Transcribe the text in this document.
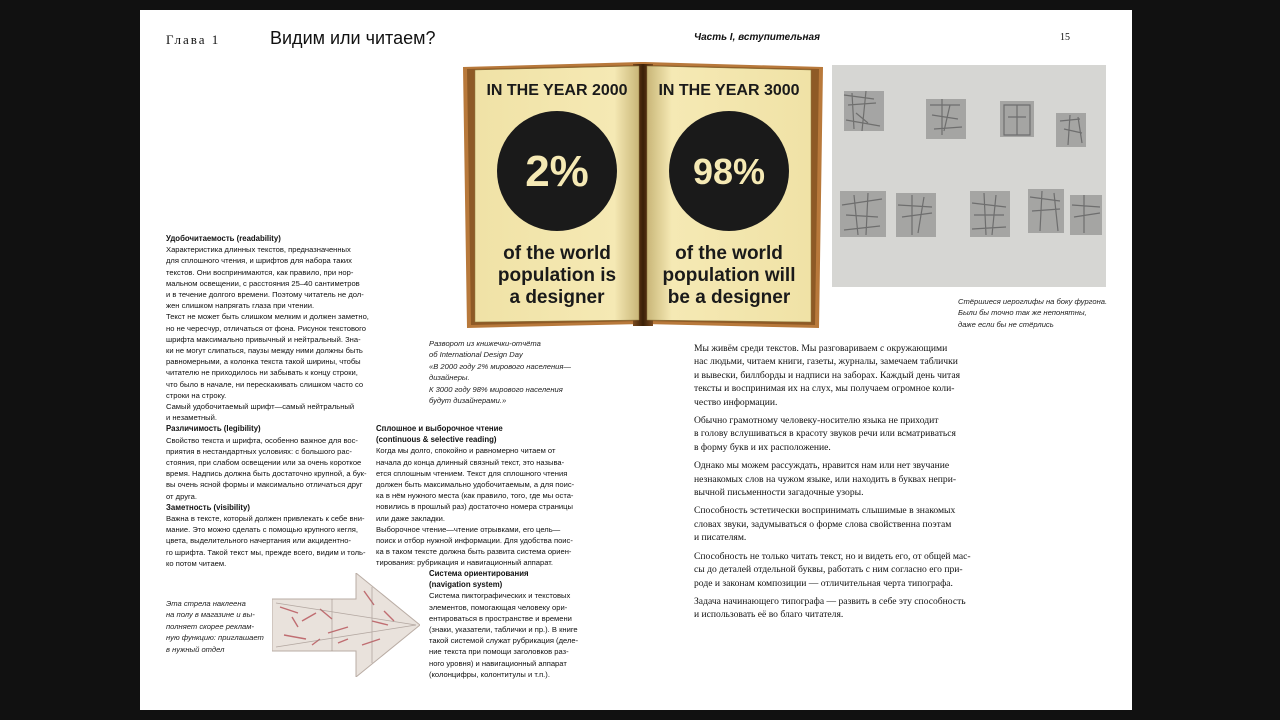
Глава 1	Видим или читаем?	Часть I, вступительная	15
IN THE YEAR 2000
2%
of the world
population is
a designer
IN THE YEAR 3000
98%
of the world
population will
be a designer	Стёршиеся иероглифы на боку фургона.
Были бы точно так же непонятны,
даже если бы не стёрлись
Разворот из книжечки-отчёта
об International Design Day
«В 2000 году 2% мирового населения—
дизайнеры.
К 3000 году 98% мирового населения
будут дизайнерами.»
Удобочитаемость (readability)

Характеристика длинных текстов, предназначенных

для сплошного чтения, и шрифтов для набора таких

текстов. Они воспринимаются, как правило, при нор-

мальном освещении, с расстояния 25–40 сантиметров

и в течение долгого времени. Поэтому читатель не дол-

жен слишком напрягать глаза при чтении.

Текст не может быть слишком мелким и должен заметно,

но не чересчур, отличаться от фона. Рисунок текстового

шрифта максимально привычный и нейтральный. Зна-

ки не могут слипаться, паузы между ними должны быть

равномерными, а колонка текста такой ширины, чтобы

читателю не приходилось ни забывать к концу строки,

что было в начале, ни перескакивать слишком часто со

строки на строку.

Самый удобочитаемый шрифт—самый нейтральный

и незаметный.

Различимость (legibility)

Свойство текста и шрифта, особенно важное для вос-

приятия в нестандартных условиях: с большого рас-

стояния, при слабом освещении или за очень короткое

время. Надпись должна быть достаточно крупной, а бук-

вы очень ясной формы и максимально отличаться друг

от друга.

Заметность (visibility)

Важна в тексте, который должен привлекать к себе вни-

мание. Это можно сделать с помощью крупного кегля,

цвета, выделительного начертания или акцидентно-

го шрифта. Такой текст мы, прежде всего, видим и толь-

ко потом читаем.

Сплошное и выборочное чтение
(continuous & selective reading)

Когда мы долго, спокойно и равномерно читаем от

начала до конца длинный связный текст, это называ-

ется сплошным чтением. Текст для сплошного чтения

должен быть максимально удобочитаемым, а для поис-

ка в нём нужного места (как правило, того, где мы оста-

новились в прошлый раз) достаточно номера страницы

или даже закладки.

Выборочное чтение—чтение отрывками, его цель—

поиск и отбор нужной информации. Для удобства поис-

ка в таком тексте должна быть развита система ориен-

тирования: рубрикация и навигационный аппарат.

Система ориентирования
(navigation system)

Система пиктографических и текстовых

элементов, помогающая человеку ори-

ентироваться в пространстве и времени

(знаки, указатели, таблички и пр.). В книге

такой системой служат рубрикация (деле-

ние текста при помощи заголовков раз-

ного уровня) и навигационный аппарат

(колонцифры, колонтитулы и т.п.).

Эта стрела наклеена
на полу в магазине и вы-
полняет скорее реклам-
ную функцию: приглашает
в нужный отдел

Мы живём среди текстов. Мы разговариваем с окружающими
нас людьми, читаем книги, газеты, журналы, замечаем таблички
и вывески, биллборды и надписи на заборах. Каждый день читая
тексты и воспринимая их на слух, мы получаем огромное коли-
чество информации.

Обычно грамотному человеку-носителю языка не приходит
в голову вслушиваться в красоту звуков речи или всматриваться
в форму букв и их расположение.

Однако мы можем рассуждать, нравится нам или нет звучание
незнакомых слов на чужом языке, или находить в буквах непри-
вычной письменности загадочные узоры.

Способность эстетически воспринимать слышимые в знакомых
словах звуки, задумываться о форме слова свойственна поэтам
и писателям.

Способность не только читать текст, но и видеть его, от общей мас-
сы до деталей отдельной буквы, работать с ним согласно его при-
роде и законам композиции — отличительная черта типографа.

Задача начинающего типографа — развить в себе эту способность
и использовать её во благо читателя.
